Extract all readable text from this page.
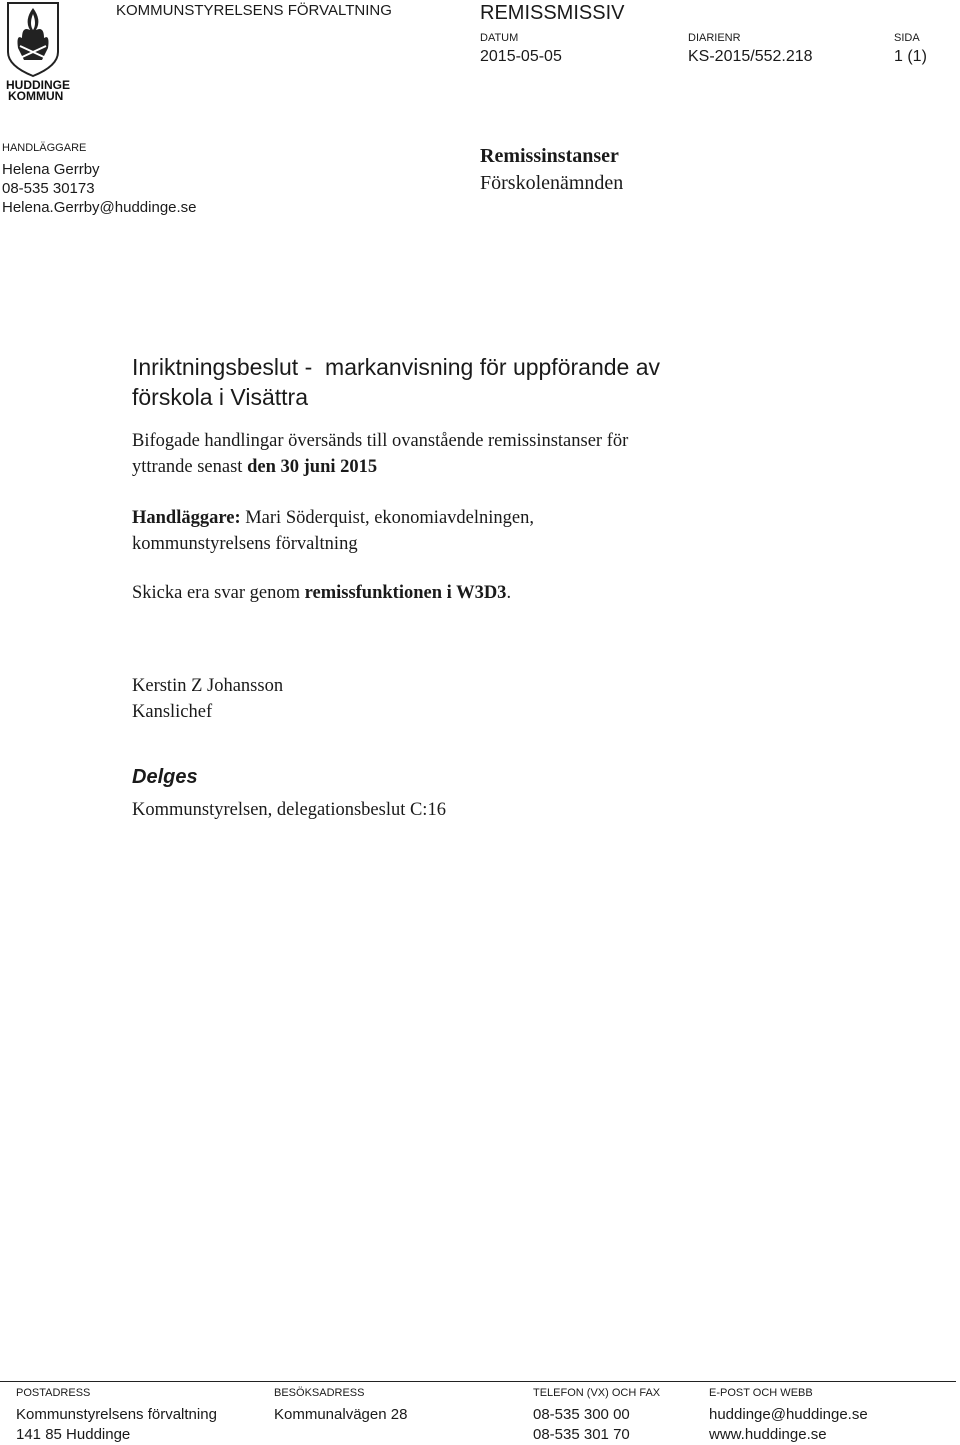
HUDDINGE
KOMMUN
KOMMUNSTYRELSENS FÖRVALTNING	REMISSMISSIV
DATUM
2015-05-05
DIARIENR
KS-2015/552.218
SIDA
1 (1)
HANDLÄGGARE
Helena Gerrby
08-535 30173
Helena.Gerrby@huddinge.se
Remissinstanser
Förskolenämnden
Inriktningsbeslut -  markanvisning för uppförande av
förskola i Visättra
Bifogade handlingar översänds till ovanstående remissinstanser för
yttrande senast den 30 juni 2015
Handläggare: Mari Söderquist, ekonomiavdelningen,
kommunstyrelsens förvaltning
Skicka era svar genom remissfunktionen i W3D3.
Kerstin Z Johansson
Kanslichef
Delges
Kommunstyrelsen, delegationsbeslut C:16
POSTADRESS
Kommunstyrelsens förvaltning
141 85 Huddinge
BESÖKSADRESS
Kommunalvägen 28
TELEFON (VX) OCH FAX
08-535 300 00
08-535 301 70
E-POST OCH WEBB
huddinge@huddinge.se
www.huddinge.se
